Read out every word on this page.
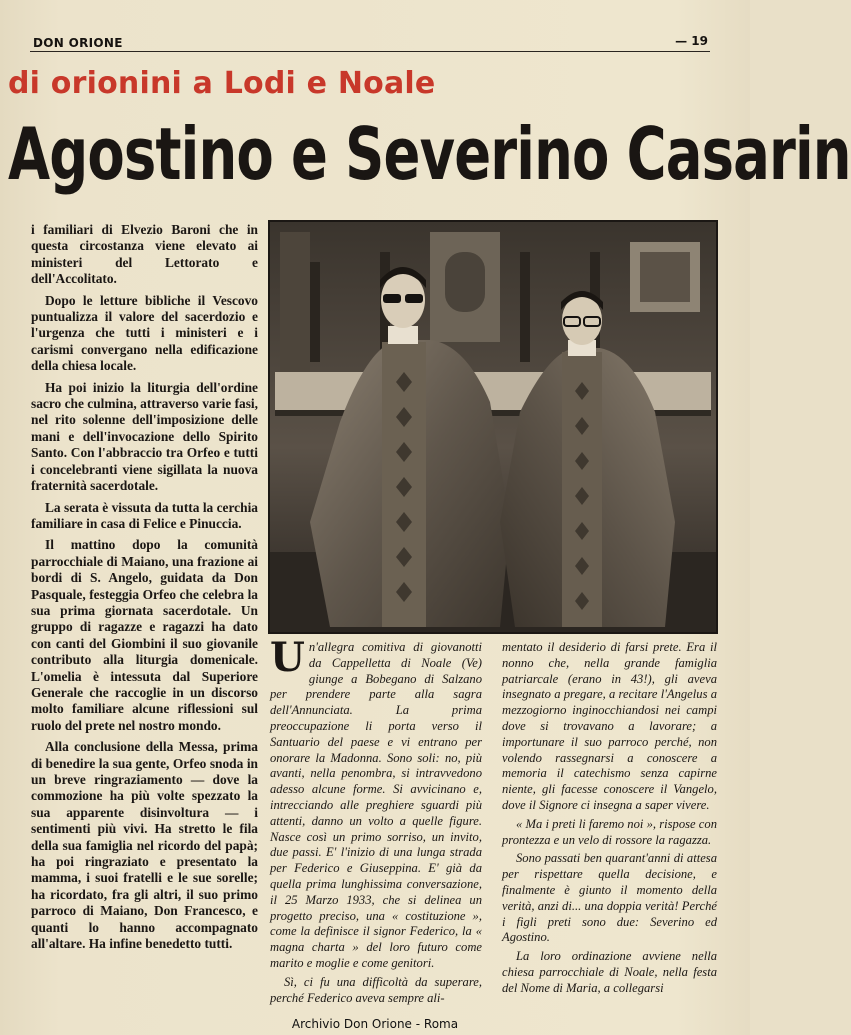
DON ORIONE	— 19
di orionini a Lodi e Noale
Agostino e Severino Casarin

i familiari di Elvezio Baroni che in questa circostanza viene elevato ai ministeri del Lettorato e dell'Accolitato.

Dopo le letture bibliche il Vescovo puntualizza il valore del sacerdozio e l'urgenza che tutti i ministeri e i carismi convergano nella edificazione della chiesa locale.

Ha poi inizio la liturgia dell'ordine sacro che culmina, attraverso varie fasi, nel rito solenne dell'imposizione delle mani e dell'invocazione dello Spirito Santo. Con l'abbraccio tra Orfeo e tutti i concelebranti viene sigillata la nuova fraternità sacerdotale.

La serata è vissuta da tutta la cerchia familiare in casa di Felice e Pinuccia.

Il mattino dopo la comunità parrocchiale di Maiano, una frazione ai bordi di S. Angelo, guidata da Don Pasquale, festeggia Orfeo che celebra la sua prima giornata sacerdotale. Un gruppo di ragazze e ragazzi ha dato con canti del Giombini il suo giovanile contributo alla liturgia domenicale. L'omelia è intessuta dal Superiore Generale che raccoglie in un discorso molto familiare alcune riflessioni sul ruolo del prete nel nostro mondo.

Alla conclusione della Messa, prima di benedire la sua gente, Orfeo snoda in un breve ringraziamento — dove la commozione ha più volte spezzato la sua apparente disinvoltura — i sentimenti più vivi. Ha stretto le fila della sua famiglia nel ricordo del papà; ha poi ringraziato e presentato la mamma, i suoi fratelli e le sue sorelle; ha ricordato, fra gli altri, il suo primo parroco di Maiano, Don Francesco, e quanti lo hanno accompagnato all'altare. Ha infine benedetto tutti.

Un'allegra comitiva di giovanotti da Cappelletta di Noale (Ve) giunge a Bobegano di Salzano per prendere parte alla sagra dell'Annunciata. La prima preoccupazione li porta verso il Santuario del paese e vi entrano per onorare la Madonna. Sono soli: no, più avanti, nella penombra, si intravvedono adesso alcune forme. Si avvicinano e, intrecciando alle preghiere sguardi più attenti, danno un volto a quelle figure. Nasce così un primo sorriso, un invito, due passi. E' l'inizio di una lunga strada per Federico e Giuseppina. E' già da quella prima lunghissima conversazione, il 25 Marzo 1933, che si delinea un progetto preciso, una « costituzione », come la definisce il signor Federico, la « magna charta » del loro futuro come marito e moglie e come genitori.

Sì, ci fu una difficoltà da superare, perché Federico aveva sempre ali-

mentato il desiderio di farsi prete. Era il nonno che, nella grande famiglia patriarcale (erano in 43!), gli aveva insegnato a pregare, a recitare l'Angelus a mezzogiorno inginocchiandosi nei campi dove si trovavano a lavorare; a importunare il suo parroco perché, non volendo rassegnarsi a conoscere a memoria il catechismo senza capirne niente, gli facesse conoscere il Vangelo, dove il Signore ci insegna a saper vivere.

« Ma i preti li faremo noi », risposе con prontezza e un velo di rossore la ragazza.

Sono passati ben quarant'anni di attesa per rispettare quella decisione, e finalmente è giunto il momento della verità, anzi di... una doppia verità! Perché i figli preti sono due: Severino ed Agostino.

La loro ordinazione avviene nella chiesa parrocchiale di Noale, nella festa del Nome di Maria, a collegarsi

Archivio Don Orione - Roma
